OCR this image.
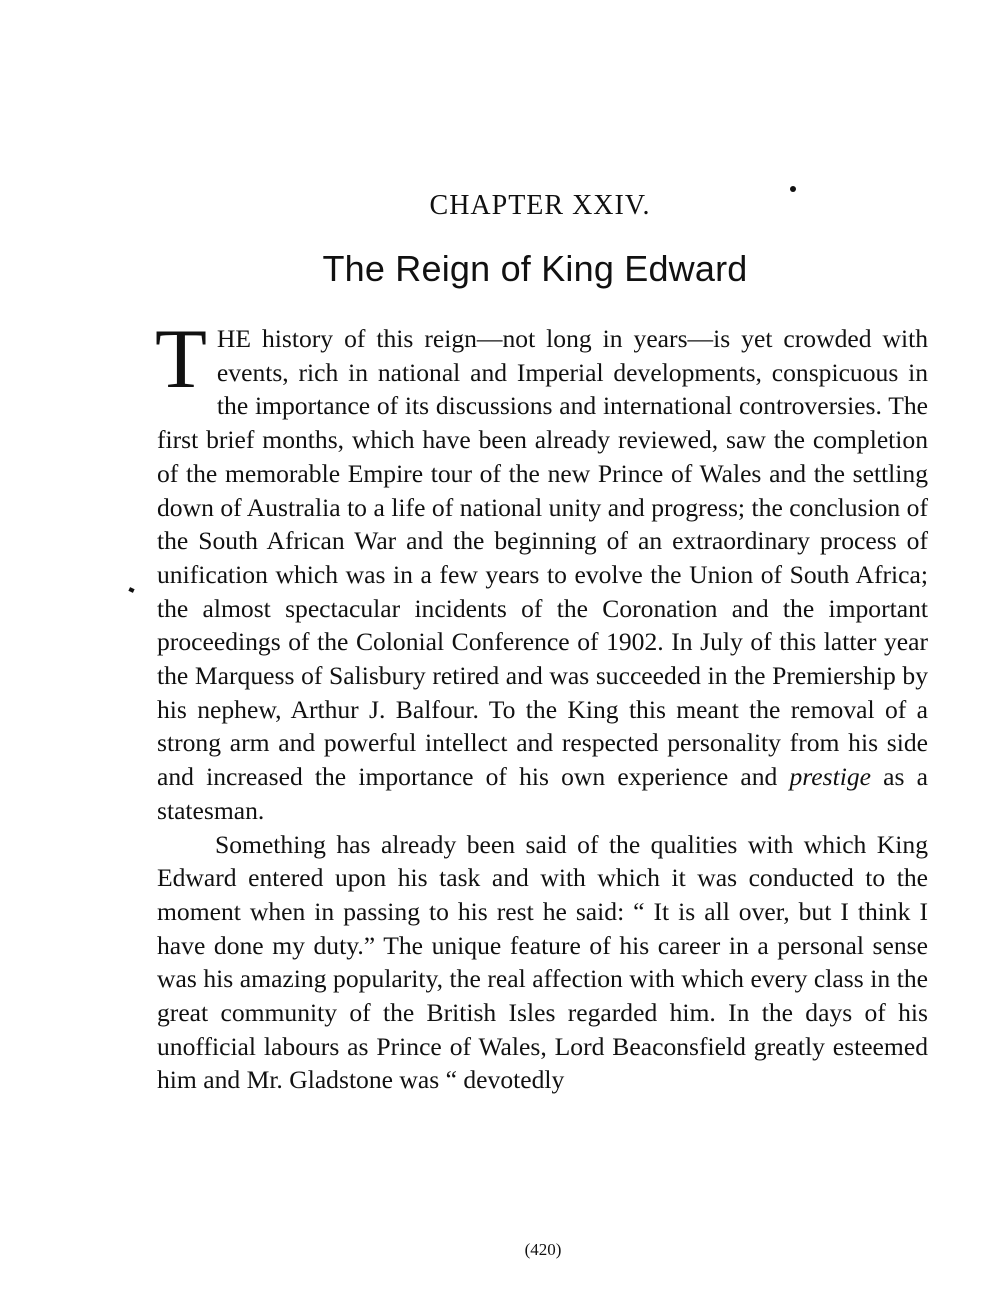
CHAPTER XXIV.
The Reign of King Edward

THE history of this reign—not long in years—is yet crowded with events, rich in national and Imperial developments, conspicuous in the importance of its discussions and international controversies. The first brief months, which have been already reviewed, saw the completion of the memorable Empire tour of the new Prince of Wales and the settling down of Australia to a life of national unity and progress; the conclusion of the South African War and the beginning of an extraordinary process of unification which was in a few years to evolve the Union of South Africa; the almost spectacular incidents of the Coronation and the important proceedings of the Colonial Conference of 1902. In July of this latter year the Marquess of Salisbury retired and was succeeded in the Premiership by his nephew, Arthur J. Balfour. To the King this meant the removal of a strong arm and powerful intellect and respected personality from his side and increased the importance of his own experience and prestige as a statesman.

Something has already been said of the qualities with which King Edward entered upon his task and with which it was conducted to the moment when in passing to his rest he said: “ It is all over, but I think I have done my duty.” The unique feature of his career in a personal sense was his amazing popularity, the real affection with which every class in the great community of the British Isles regarded him. In the days of his unofficial labours as Prince of Wales, Lord Beaconsfield greatly esteemed him and Mr. Gladstone was “ devotedly

(420)
